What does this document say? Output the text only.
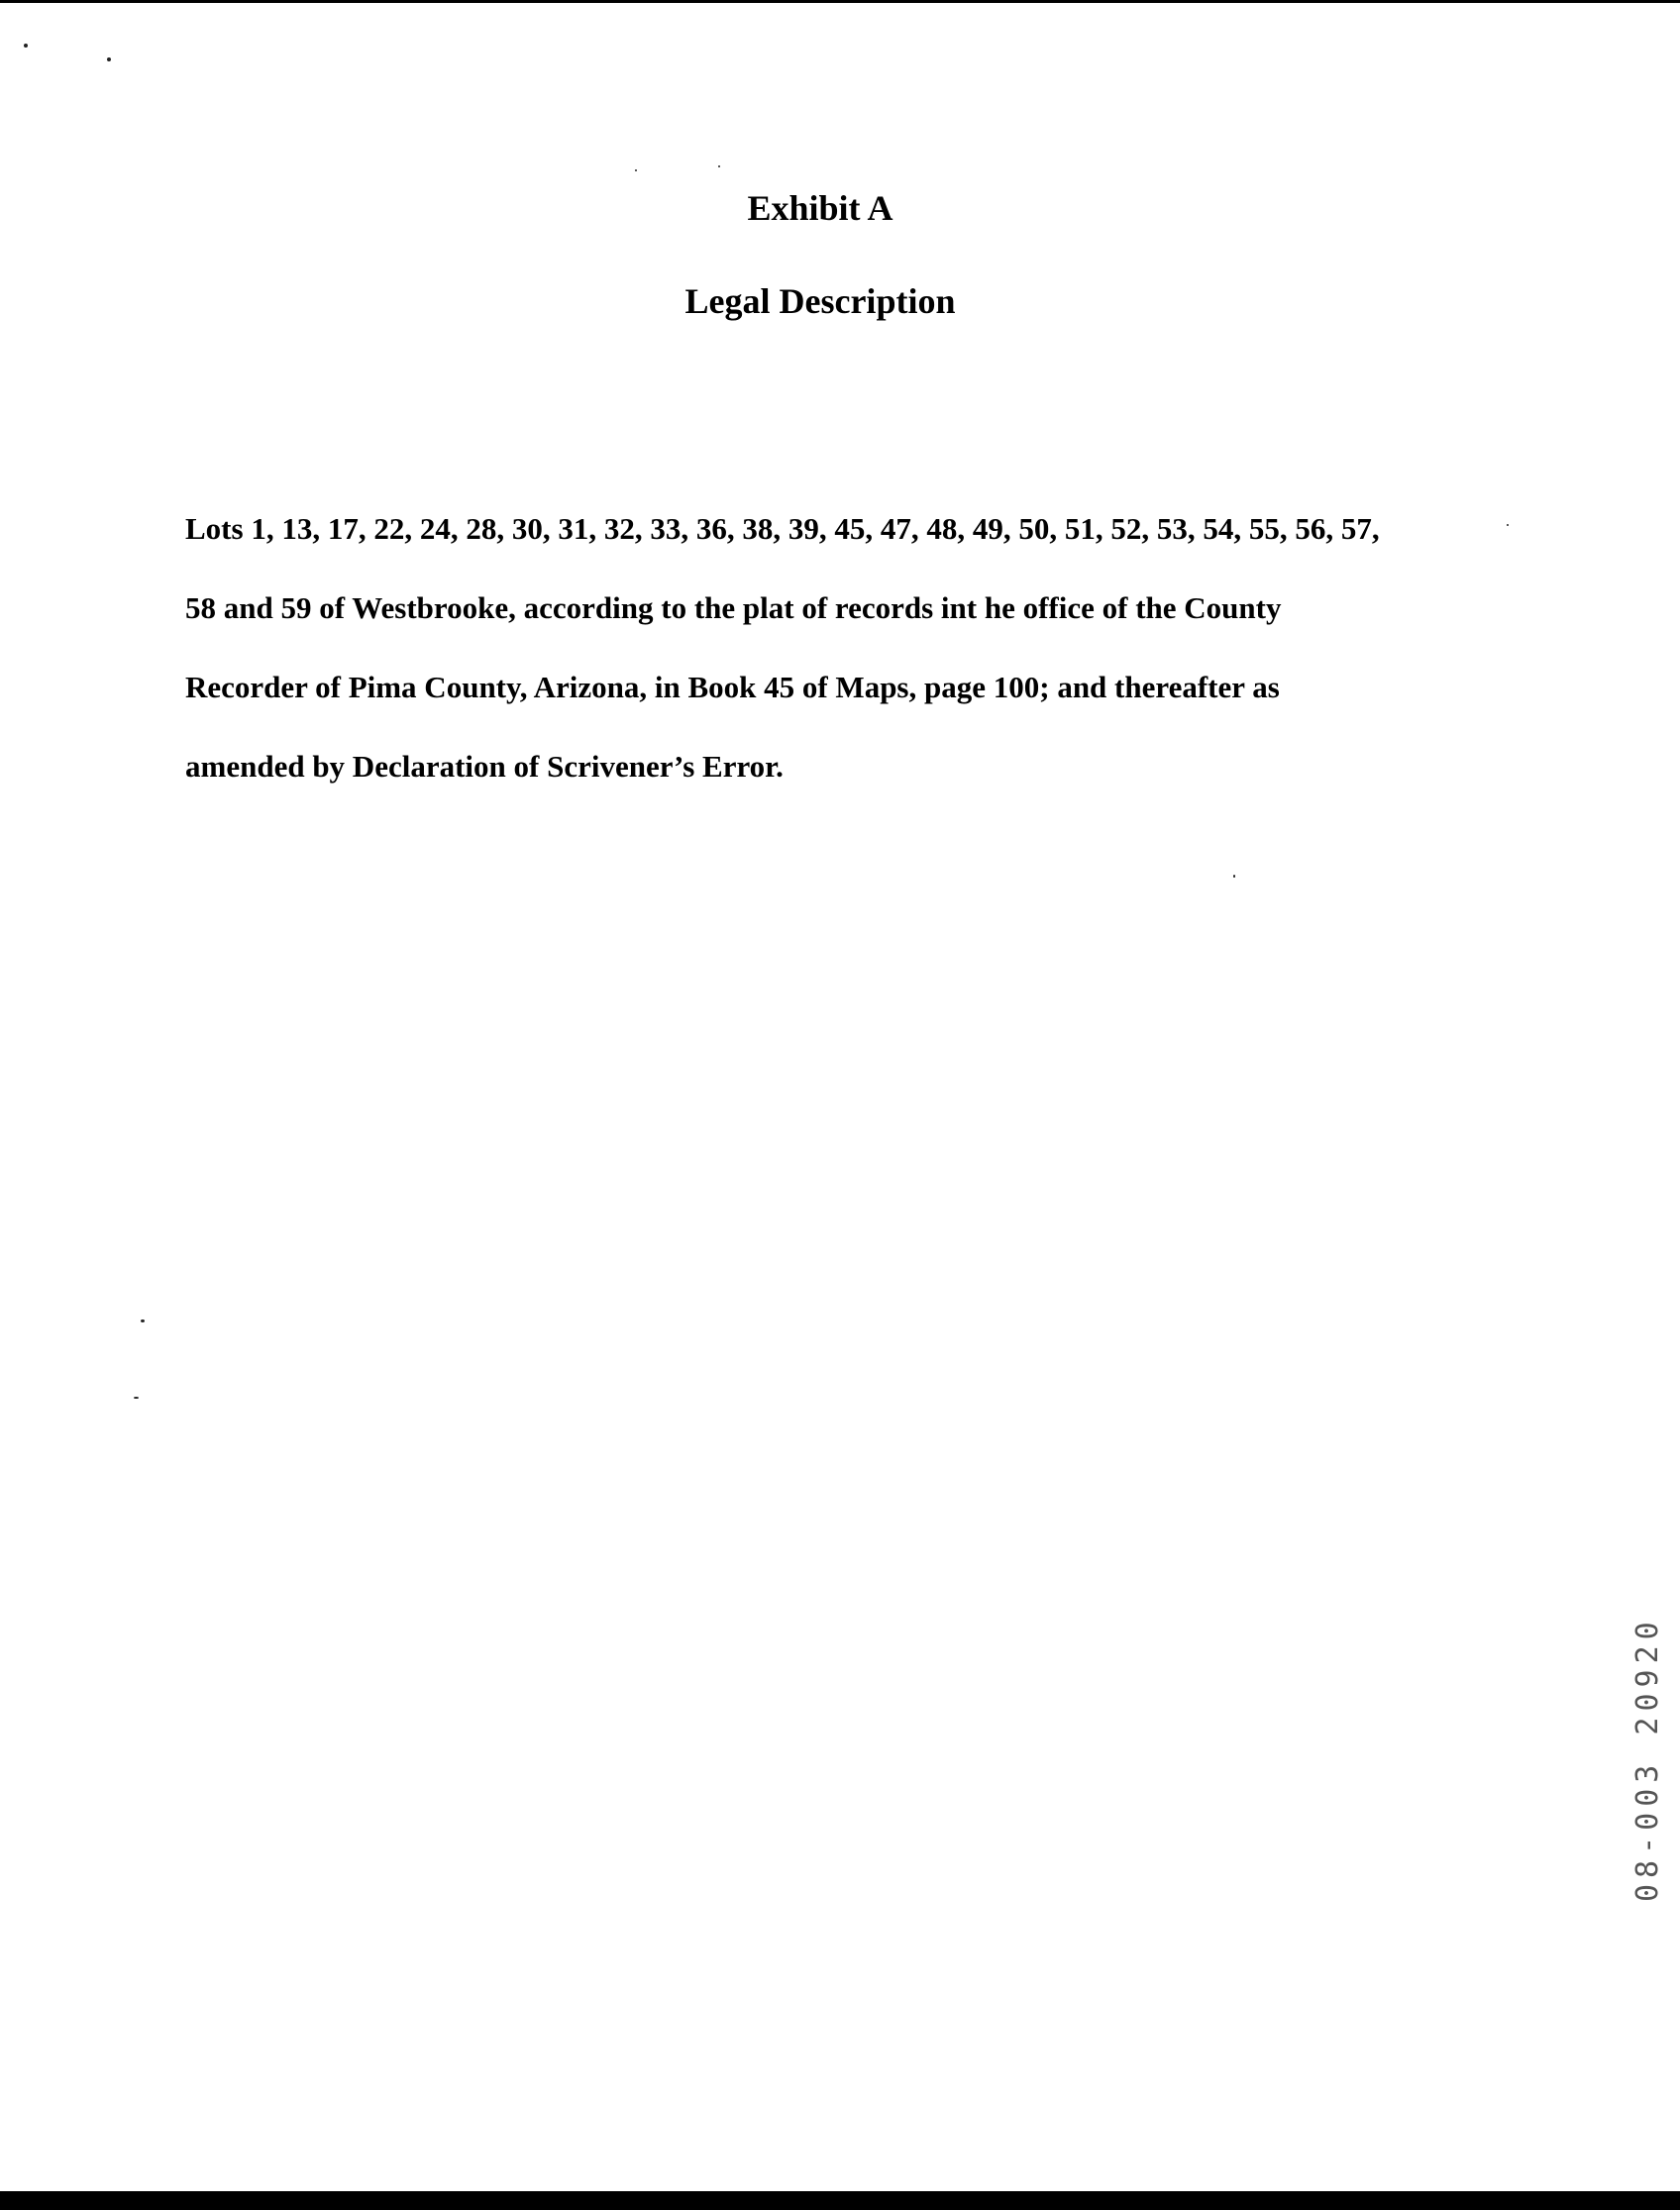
Exhibit A
Legal Description

Lots 1, 13, 17, 22, 24, 28, 30, 31, 32, 33, 36, 38, 39, 45, 47, 48, 49, 50, 51, 52, 53, 54, 55, 56, 57,
58 and 59 of Westbrooke, according to the plat of records int he office of the County
Recorder of Pima County, Arizona, in Book 45 of Maps, page 100; and thereafter as
amended by Declaration of Scrivener’s Error.

08-003 20920
